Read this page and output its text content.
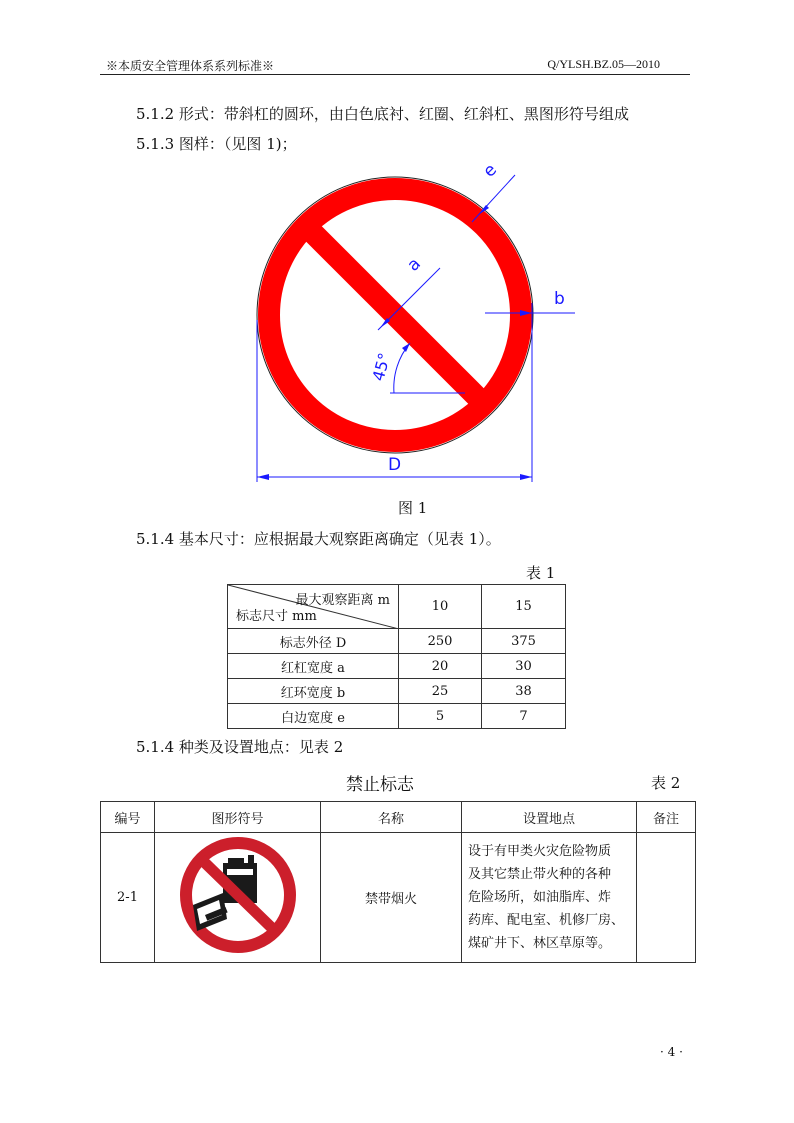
※本质安全管理体系系列标准※	Q/YLSH.BZ.05—2010
5.1.2 形式：带斜杠的圆环，由白色底衬、红圈、红斜杠、黑图形符号组成
5.1.3 图样：（见图 1)；
a
e
b
D
45°
图 1
5.1.4 基本尺寸：应根据最大观察距离确定（见表 1）。
表 1
最大观察距离 m
标志尺寸 mm	10	15
标志外径 D	250	375
红杠宽度 a	20	30
红环宽度 b	25	38
白边宽度 e	5	7
5.1.4 种类及设置地点：见表 2
禁止标志	表 2
编号	图形符号	名称	设置地点	备注
2-1		禁带烟火	设于有甲类火灾危险物质
及其它禁止带火种的各种
危险场所，如油脂库、炸
药库、配电室、机修厂房、
煤矿井下、林区草原等。	

· 4 ·
